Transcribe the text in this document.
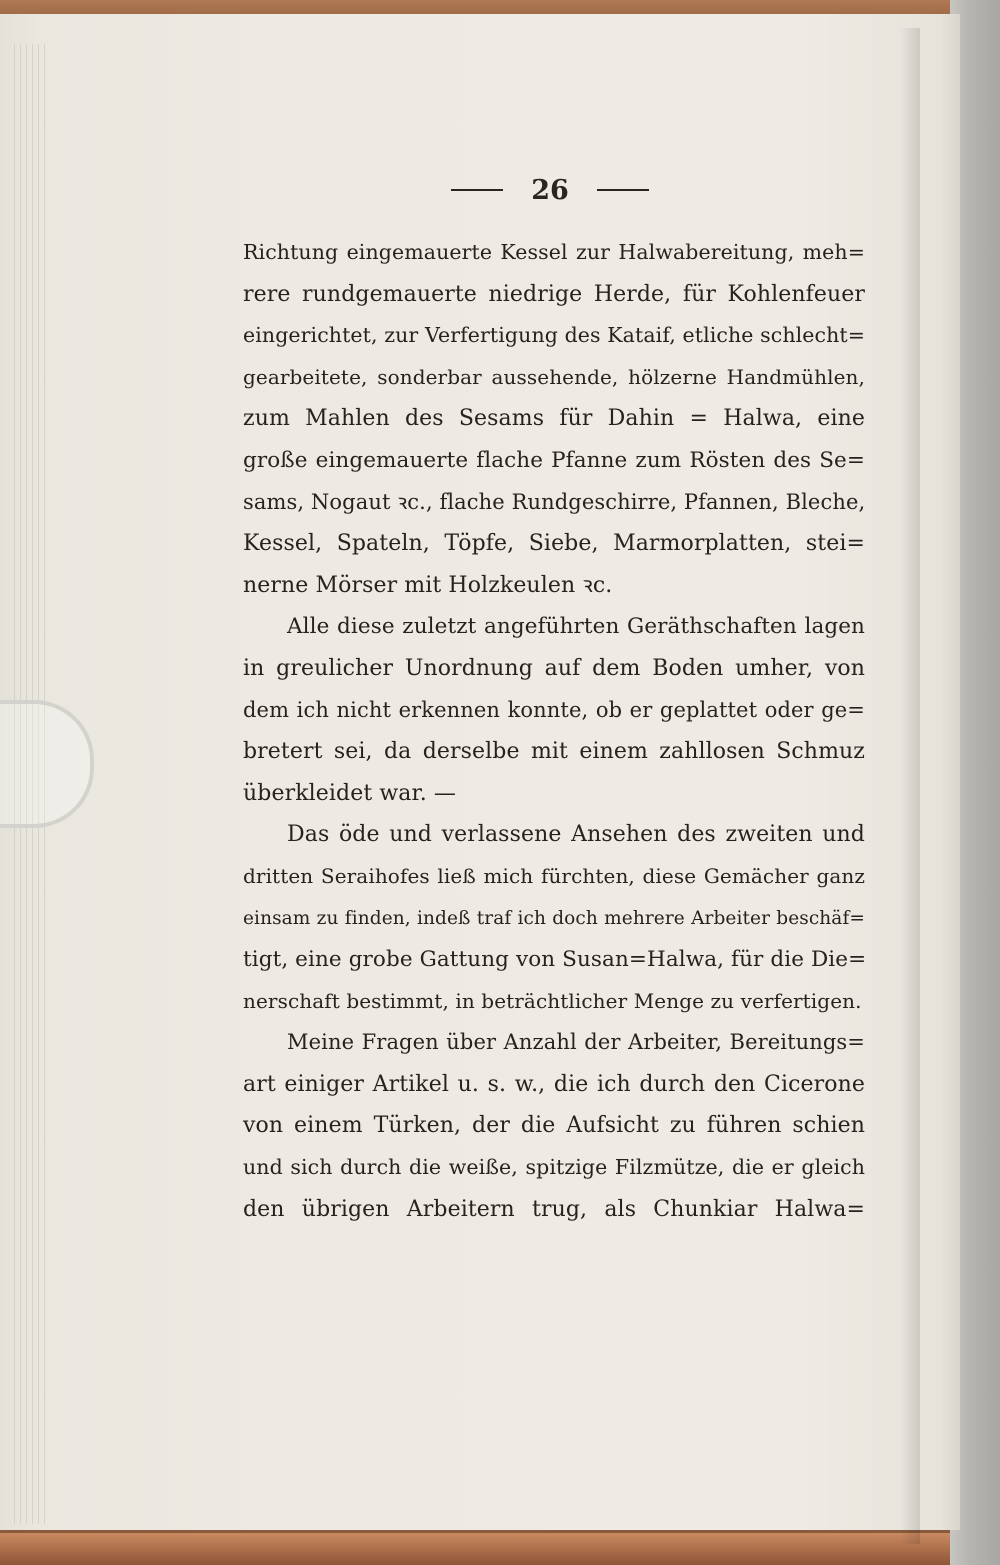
26
Richtung eingemauerte Kessel zur Halwabereitung, meh=
rere rundgemauerte niedrige Herde, für Kohlenfeuer
eingerichtet, zur Verfertigung des Kataif, etliche schlecht=
gearbeitete, sonderbar aussehende, hölzerne Handmühlen,
zum Mahlen des Sesams für Dahin = Halwa, eine
große eingemauerte flache Pfanne zum Rösten des Se=
sams, Nogaut ꝛc., flache Rundgeschirre, Pfannen, Bleche,
Kessel, Spateln, Töpfe, Siebe, Marmorplatten, stei=
nerne Mörser mit Holzkeulen ꝛc.
Alle diese zuletzt angeführten Geräthschaften lagen
in greulicher Unordnung auf dem Boden umher, von
dem ich nicht erkennen konnte, ob er geplattet oder ge=
bretert sei, da derselbe mit einem zahllosen Schmuz
überkleidet war. —
Das öde und verlassene Ansehen des zweiten und
dritten Seraihofes ließ mich fürchten, diese Gemächer ganz
einsam zu finden, indeß traf ich doch mehrere Arbeiter beschäf=
tigt, eine grobe Gattung von Susan=Halwa, für die Die=
nerschaft bestimmt, in beträchtlicher Menge zu verfertigen.
Meine Fragen über Anzahl der Arbeiter, Bereitungs=
art einiger Artikel u. s. w., die ich durch den Cicerone
von einem Türken, der die Aufsicht zu führen schien
und sich durch die weiße, spitzige Filzmütze, die er gleich
den übrigen Arbeitern trug, als Chunkiar Halwa=
